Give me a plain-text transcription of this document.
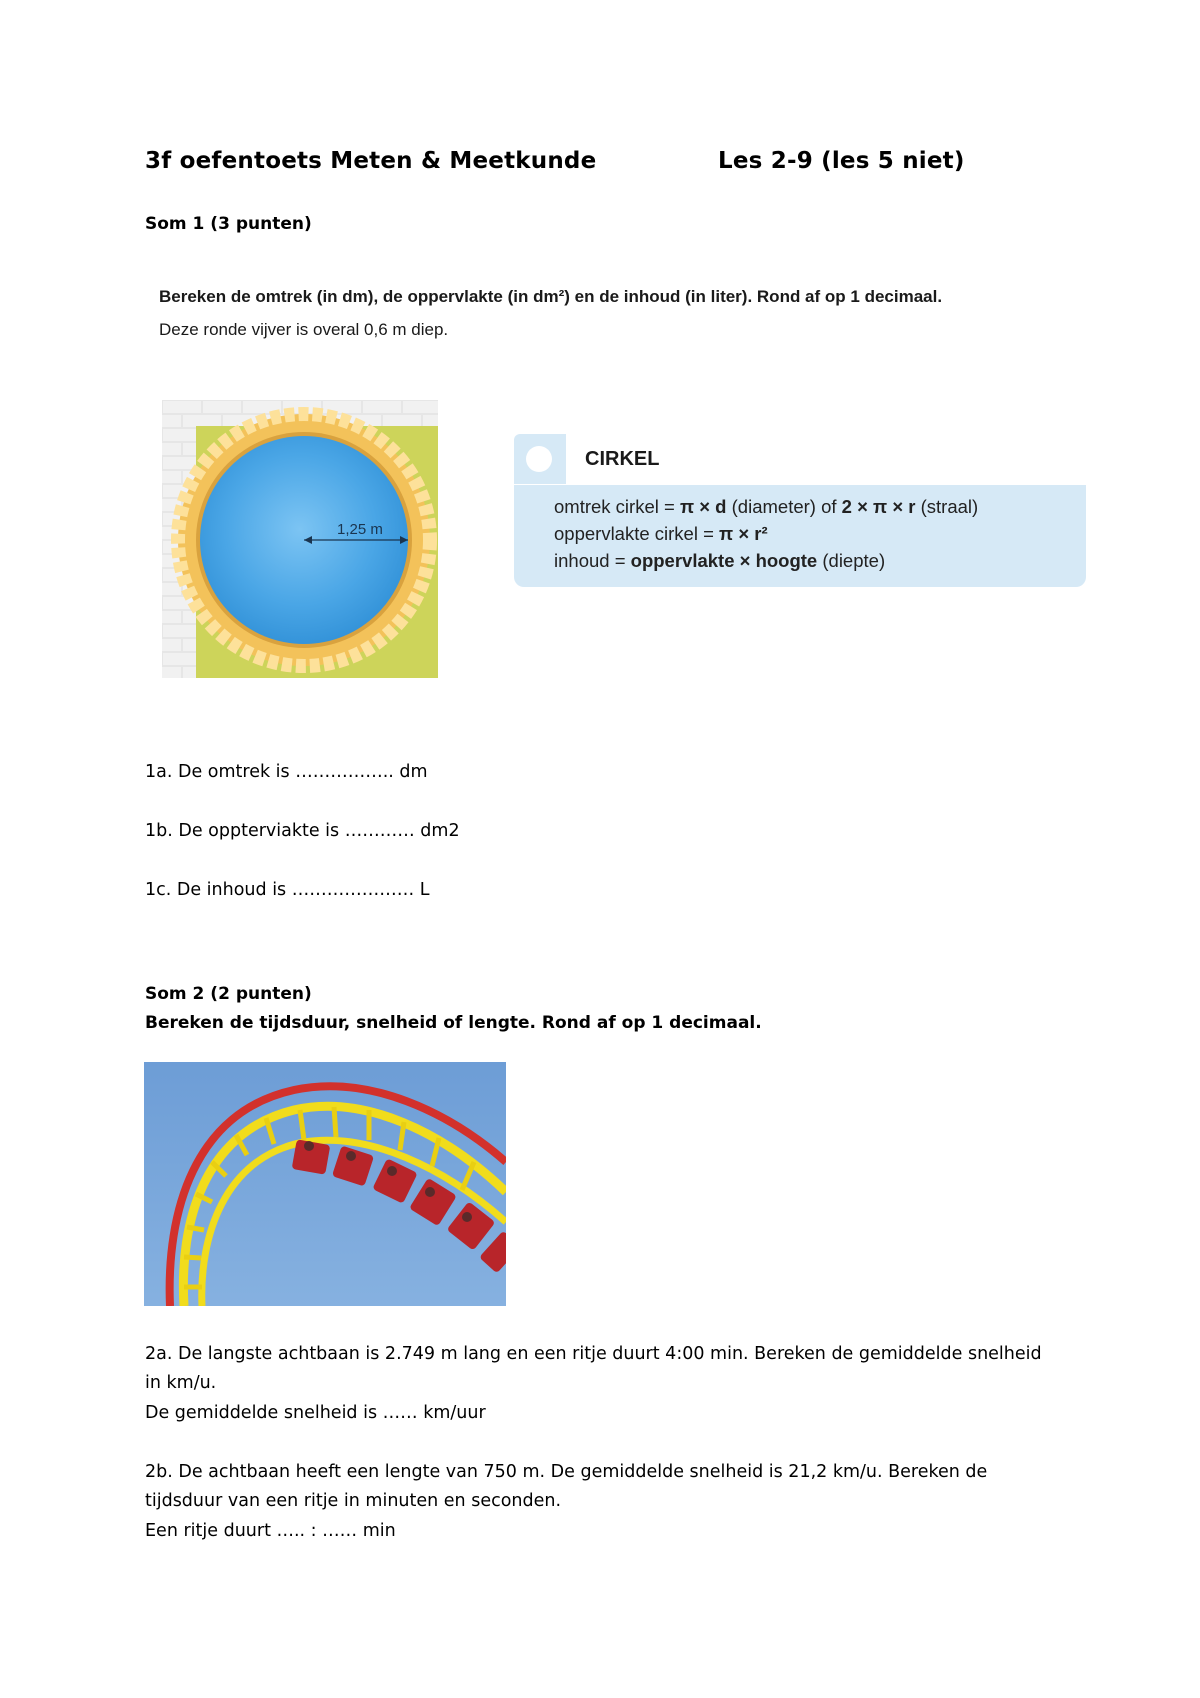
3f oefentoets Meten & Meetkunde	Les 2-9 (les 5 niet)
Som 1 (3 punten)
Bereken de omtrek (in dm), de oppervlakte (in dm²) en de inhoud (in liter). Rond af op 1 decimaal.
Deze ronde vijver is overal 0,6 m diep.
1,25 m
CIRKEL
omtrek cirkel = π × d (diameter) of 2 × π × r (straal)
oppervlakte cirkel = π × r²
inhoud = oppervlakte × hoogte (diepte)
1a. De omtrek is …………….. dm
1b. De oppterviakte is ………… dm2
1c. De inhoud is ………………… L
Som 2 (2 punten)
Bereken de tijdsduur, snelheid of lengte. Rond af op 1 decimaal.
2a. De langste achtbaan is 2.749 m lang en een ritje duurt 4:00 min. Bereken de gemiddelde snelheid
in km/u.
De gemiddelde snelheid is …… km/uur
2b. De achtbaan heeft een lengte van 750 m. De gemiddelde snelheid is 21,2 km/u. Bereken de
tijdsduur van een ritje in minuten en seconden.
Een ritje duurt ….. : …… min
